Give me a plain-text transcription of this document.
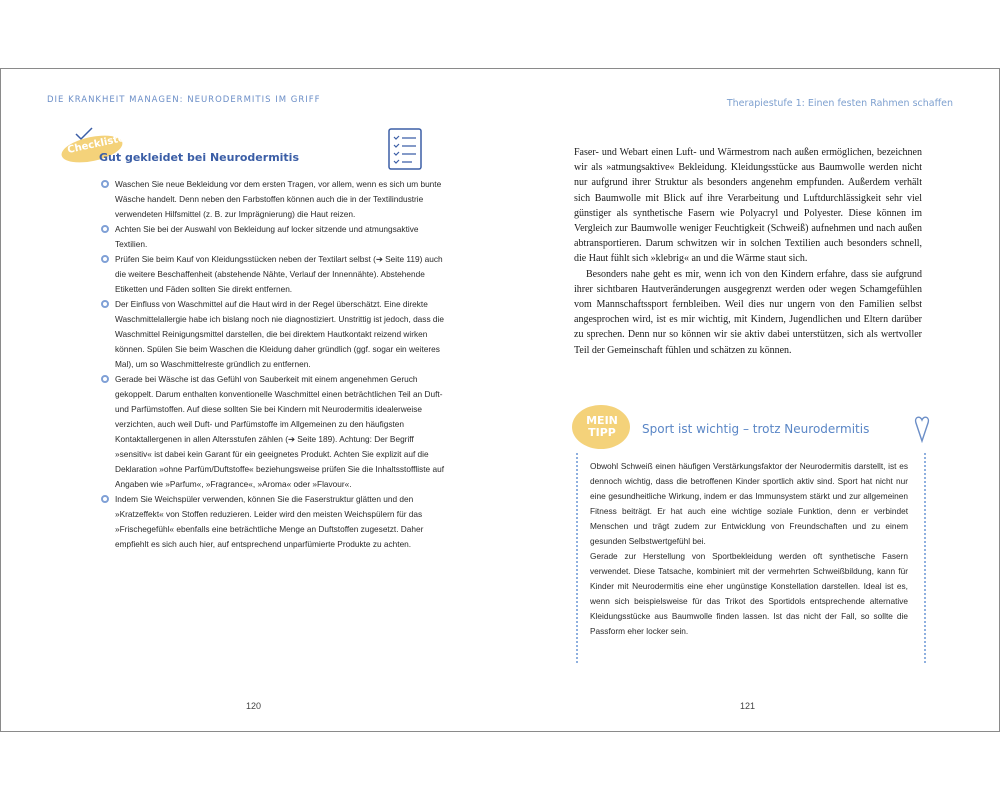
DIE KRANKHEIT MANAGEN: NEURODERMITIS IM GRIFF
Checkliste
Gut gekleidet bei Neurodermitis
Waschen Sie neue Bekleidung vor dem ersten Tragen, vor allem, wenn es sich um bunte Wäsche handelt. Denn neben den Farbstoffen können auch die in der Textilindustrie verwendeten Hilfsmittel (z. B. zur Imprägnierung) die Haut reizen.
Achten Sie bei der Auswahl von Bekleidung auf locker sitzende und atmungsaktive Textilien.
Prüfen Sie beim Kauf von Kleidungsstücken neben der Textilart selbst (➔ Seite 119) auch die weitere Beschaffenheit (abstehende Nähte, Verlauf der Innennähte). Abstehende Etiketten und Fäden sollten Sie direkt entfernen.
Der Einfluss von Waschmittel auf die Haut wird in der Regel überschätzt. Eine direkte Waschmittelallergie habe ich bislang noch nie diagnostiziert. Unstrittig ist jedoch, dass die Waschmittel Reinigungsmittel darstellen, die bei direktem Hautkontakt reizend wirken können. Spülen Sie beim Waschen die Kleidung daher gründlich (ggf. sogar ein weiteres Mal), um so Waschmittelreste gründlich zu entfernen.
Gerade bei Wäsche ist das Gefühl von Sauberkeit mit einem angenehmen Geruch gekoppelt. Darum enthalten konventionelle Waschmittel einen beträchtlichen Teil an Duft- und Parfümstoffen. Auf diese sollten Sie bei Kindern mit Neurodermitis idealerweise verzichten, auch weil Duft- und Parfümstoffe im Allgemeinen zu den häufigsten Kontaktallergenen in allen Altersstufen zählen (➔ Seite 189). Achtung: Der Begriff »sensitiv« ist dabei kein Garant für ein geeignetes Produkt. Achten Sie explizit auf die Deklaration »ohne Parfüm/Duftstoffe« beziehungsweise prüfen Sie die Inhaltsstoffliste auf Angaben wie »Parfum«, »Fragrance«, »Aroma« oder »Flavour«.
Indem Sie Weichspüler verwenden, können Sie die Faserstruktur glätten und den »Kratzeffekt« von Stoffen reduzieren. Leider wird den meisten Weichspülern für das »Frischegefühl« ebenfalls eine beträchtliche Menge an Duftstoffen zugesetzt. Daher empfiehlt es sich auch hier, auf entsprechend unparfümierte Produkte zu achten.
120
Therapiestufe 1: Einen festen Rahmen schaffen

Faser- und Webart einen Luft- und Wärmestrom nach außen ermöglichen, bezeichnen wir als »atmungsaktive« Bekleidung. Kleidungsstücke aus Baumwolle werden nicht nur aufgrund ihrer Struktur als besonders angenehm empfunden. Außerdem verhält sich Baumwolle mit Blick auf ihre Verarbeitung und Luftdurchlässigkeit sehr viel günstiger als synthetische Fasern wie Polyacryl und Polyester. Diese können im Vergleich zur Baumwolle weniger Feuchtigkeit (Schweiß) aufnehmen und nach außen abtransportieren. Darum schwitzen wir in solchen Textilien auch besonders schnell, die Haut fühlt sich »klebrig« an und die Wärme staut sich.

Besonders nahe geht es mir, wenn ich von den Kindern erfahre, dass sie aufgrund ihrer sichtbaren Hautveränderungen ausgegrenzt werden oder wegen Schamgefühlen vom Mannschaftssport fernbleiben. Weil dies nur ungern von den Familien selbst angesprochen wird, ist es mir wichtig, mit Kindern, Jugendlichen und Eltern darüber zu sprechen. Denn nur so können wir sie aktiv dabei unterstützen, sich als wertvoller Teil der Gemeinschaft fühlen und schätzen zu können.

MEIN
TIPP	Sport ist wichtig – trotz Neurodermitis

Obwohl Schweiß einen häufigen Verstärkungsfaktor der Neurodermitis darstellt, ist es dennoch wichtig, dass die betroffenen Kinder sportlich aktiv sind. Sport hat nicht nur eine gesundheitliche Wirkung, indem er das Immunsystem stärkt und zur allgemeinen Fitness beiträgt. Er hat auch eine wichtige soziale Funktion, denn er verbindet Menschen und trägt zudem zur Entwicklung von Freundschaften und zu einem gesunden Selbstwertgefühl bei.

Gerade zur Herstellung von Sportbekleidung werden oft synthetische Fasern verwendet. Diese Tatsache, kombiniert mit der vermehrten Schweißbildung, kann für Kinder mit Neurodermitis eine eher ungünstige Konstellation darstellen. Ideal ist es, wenn sich beispielsweise für das Trikot des Sportidols entsprechende alternative Kleidungsstücke aus Baumwolle finden lassen. Ist das nicht der Fall, so sollte die Passform eher locker sein.

121
